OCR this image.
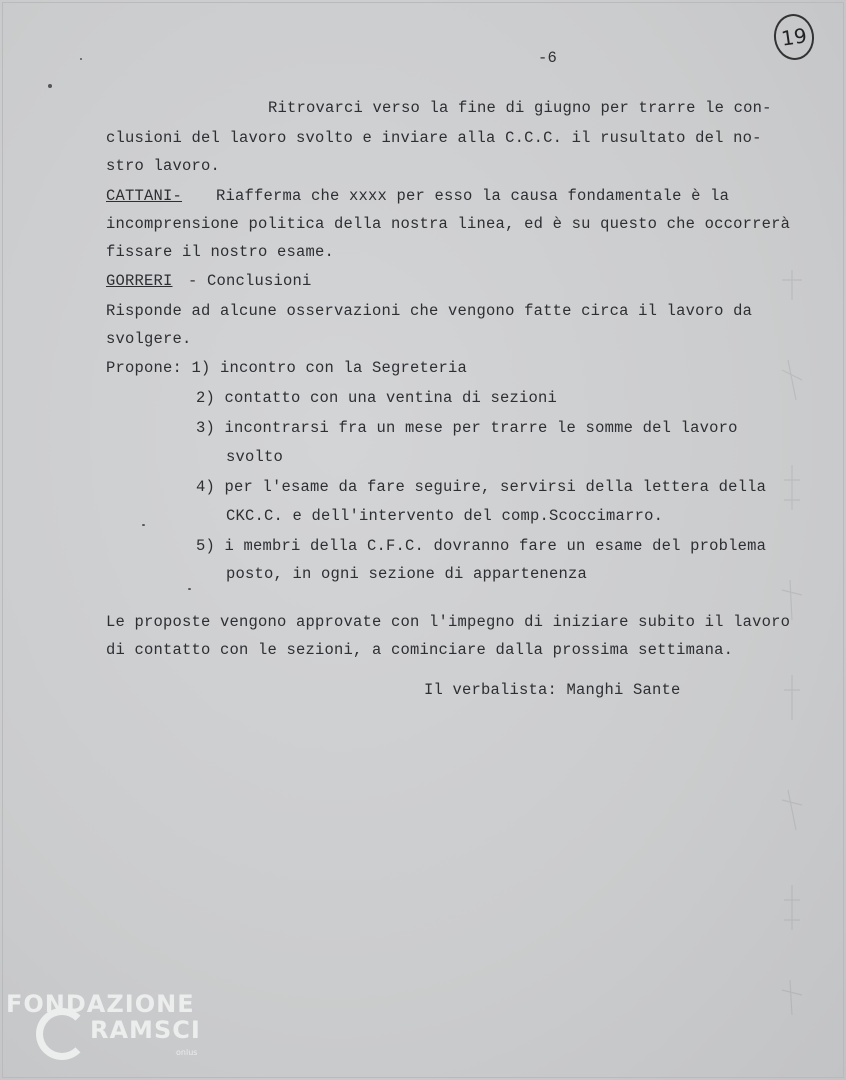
19
-6
Ritrovarci verso la fine di giugno per trarre le con-
clusioni del lavoro svolto e inviare alla C.C.C. il rusultato del no-
stro lavoro.
CATTANI- Riafferma che xxxx per esso la causa fondamentale è la
incomprensione politica della nostra linea, ed è su questo che occorrerà
fissare il nostro esame.
GORRERI - Conclusioni
Risponde ad alcune osservazioni che vengono fatte circa il lavoro da
svolgere.
Propone: 1) incontro con la Segreteria
2) contatto con una ventina di sezioni
3) incontrarsi fra un mese per trarre le somme del lavoro
svolto
4) per l'esame da fare seguire, servirsi della lettera della
CKC.C. e dell'intervento del comp.Scoccimarro.
5) i membri della C.F.C. dovranno fare un esame del problema
posto, in ogni sezione di appartenenza
Le proposte vengono approvate con l'impegno di iniziare subito il lavoro
di contatto con le sezioni, a cominciare dalla prossima settimana.
Il verbalista: Manghi Sante
FONDAZIONE
RAMSCI
onlus
